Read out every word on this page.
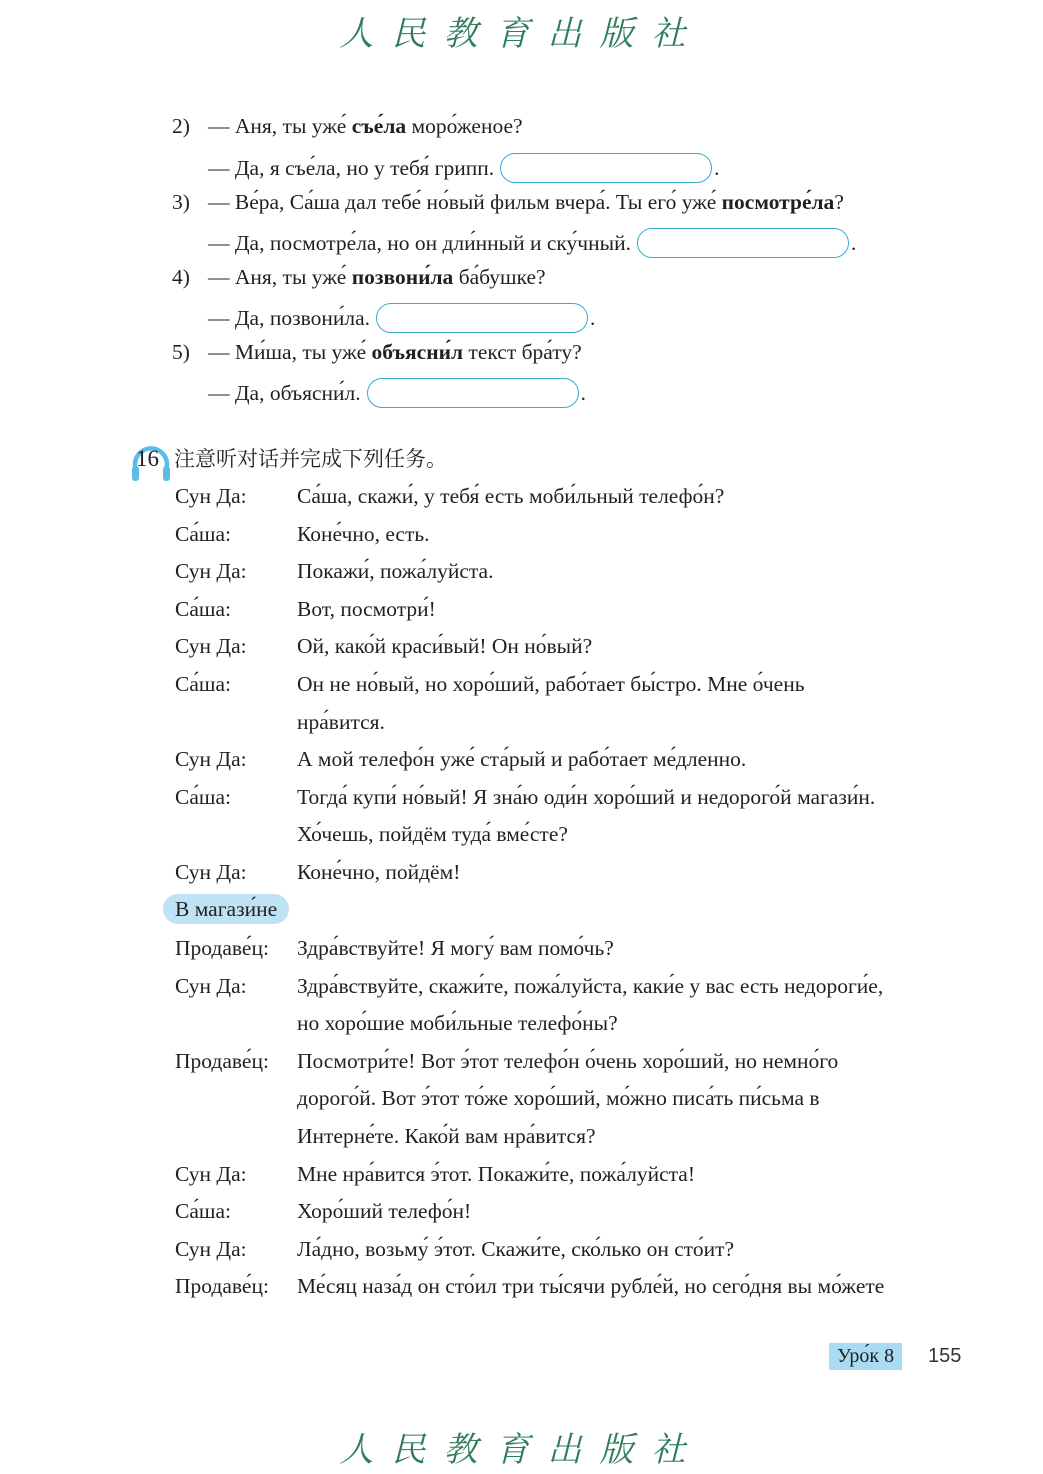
人民教育出版社
2) — Аня, ты уже́ съе́ла моро́женое?
— Да, я съе́ла, но у тебя́ грипп.	.
3) — Ве́ра, Са́ша дал тебе́ но́вый фильм вчера́. Ты его́ уже́ посмотре́ла?
— Да, посмотре́ла, но он дли́нный и ску́чный.	.
4) — Аня, ты уже́ позвони́ла ба́бушке?
— Да, позвони́ла.	.
5) — Ми́ша, ты уже́ объясни́л текст бра́ту?
— Да, объясни́л.	.
16 注意听对话并完成下列任务。
Сун Да: Са́ша, скажи́, у тебя́ есть моби́льный телефо́н?
Са́ша:	Коне́чно, есть.
Сун Да: Покажи́, пожа́луйста.
Са́ша:	Вот, посмотри́!
Сун Да: Ой, како́й краси́вый! Он но́вый?
Са́ша:	Он не но́вый, но хоро́ший, рабо́тает бы́стро. Мне о́чень
нра́вится.
Сун Да: А мой телефо́н уже́ ста́рый и рабо́тает ме́дленно.
Са́ша:	Тогда́ купи́ но́вый! Я зна́ю оди́н хоро́ший и недорого́й магази́н.
Хо́чешь, пойдём туда́ вме́сте?
Сун Да: Коне́чно, пойдём!
В магази́не
Продаве́ц: Здра́вствуйте! Я могу́ вам помо́чь?
Сун Да: Здра́вствуйте, скажи́те, пожа́луйста, каки́е у вас есть недороги́е,
но хоро́шие моби́льные телефо́ны?
Продаве́ц: Посмотри́те! Вот э́тот телефо́н о́чень хоро́ший, но немно́го
дорого́й. Вот э́тот то́же хоро́ший, мо́жно писа́ть пи́сьма в
Интерне́те. Како́й вам нра́вится?
Сун Да: Мне нра́вится э́тот. Покажи́те, пожа́луйста!
Са́ша:	Хоро́ший телефо́н!
Сун Да: Ла́дно, возьму́ э́тот. Скажи́те, ско́лько он сто́ит?
Продаве́ц: Ме́сяц наза́д он сто́ил три ты́сячи рубле́й, но сего́дня вы мо́жете
Уро́к 8	155
人民教育出版社
